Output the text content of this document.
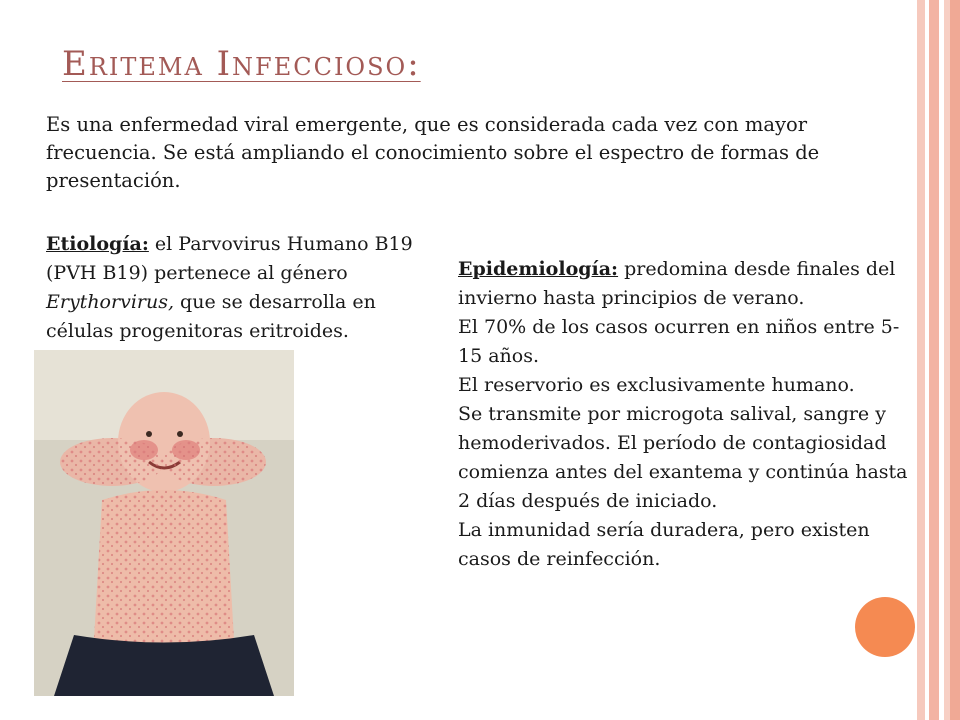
Eritema Infeccioso:

Es una enfermedad viral emergente, que es considerada cada vez con mayor frecuencia. Se está ampliando el conocimiento sobre el espectro de formas de presentación.

Etiología: el Parvovirus Humano B19 (PVH B19) pertenece al género Erythorvirus, que se desarrolla en células progenitoras eritroides.

Epidemiología: predomina desde finales del invierno hasta principios de verano.

El 70% de los casos ocurren en niños entre 5-15 años.

El reservorio es exclusivamente humano.

Se transmite por microgota salival, sangre y hemoderivados. El período de contagiosidad comienza antes del exantema y continúa hasta 2 días después de iniciado.

La inmunidad sería duradera, pero existen casos de reinfección.
